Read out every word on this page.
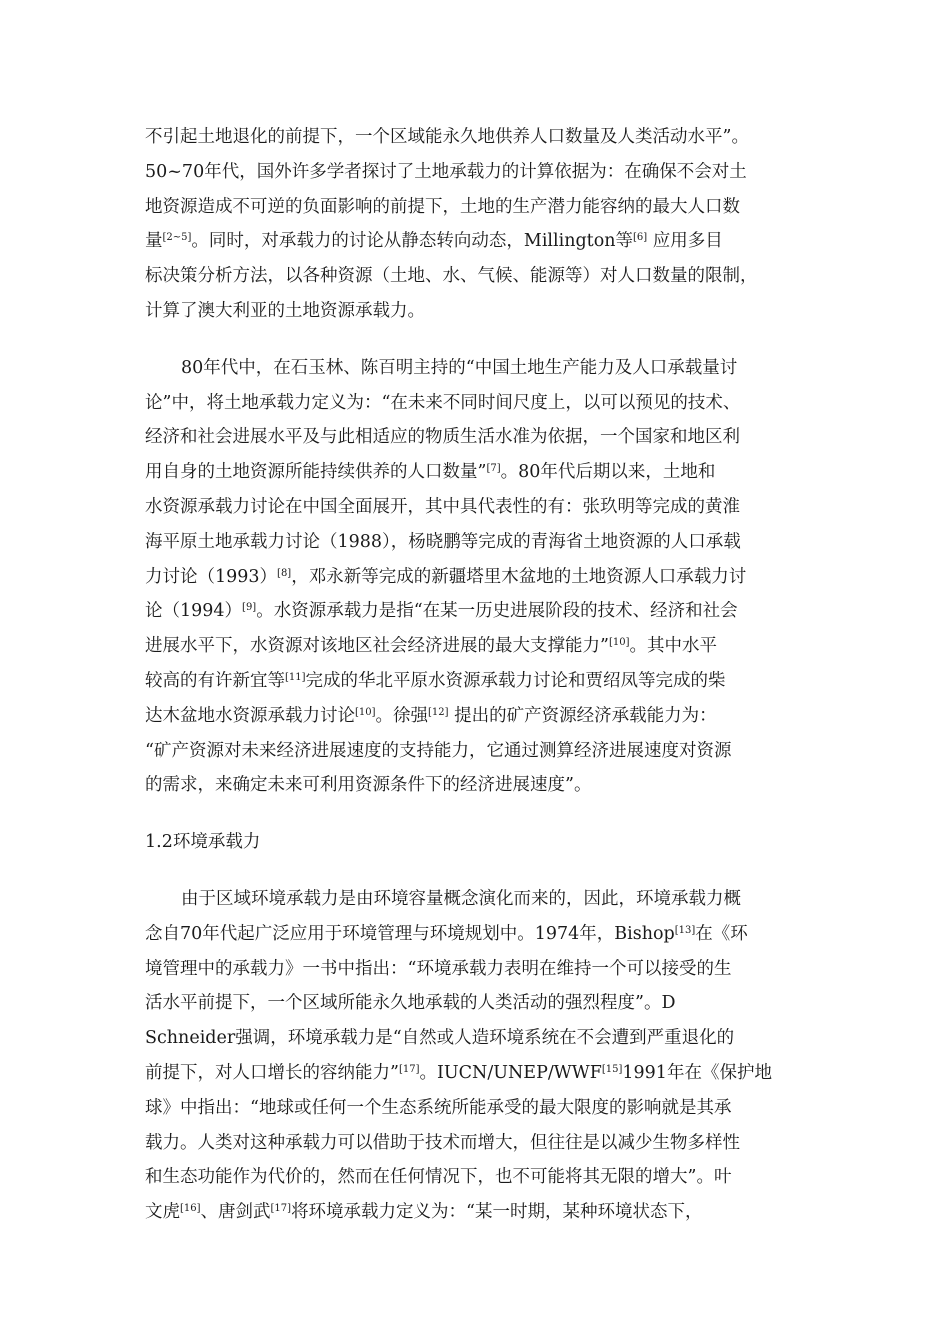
不引起土地退化的前提下，一个区域能永久地供养人口数量及人类活动水平”。
50~70年代，国外许多学者探讨了土地承载力的计算依据为：在确保不会对土
地资源造成不可逆的负面影响的前提下，土地的生产潜力能容纳的最大人口数
量[2~5]。同时，对承载力的讨论从静态转向动态，Millington等[6] 应用多目
标决策分析方法，以各种资源（土地、水、气候、能源等）对人口数量的限制，
计算了澳大利亚的土地资源承载力。
80年代中，在石玉林、陈百明主持的“中国土地生产能力及人口承载量讨
论”中，将土地承载力定义为：“在未来不同时间尺度上，以可以预见的技术、
经济和社会进展水平及与此相适应的物质生活水准为依据，一个国家和地区利
用自身的土地资源所能持续供养的人口数量”[7]。80年代后期以来，土地和
水资源承载力讨论在中国全面展开，其中具代表性的有：张玖明等完成的黄淮
海平原土地承载力讨论（1988），杨晓鹏等完成的青海省土地资源的人口承载
力讨论（1993）[8]，邓永新等完成的新疆塔里木盆地的土地资源人口承载力讨
论（1994）[9]。水资源承载力是指“在某一历史进展阶段的技术、经济和社会
进展水平下，水资源对该地区社会经济进展的最大支撑能力”[10]。其中水平
较高的有许新宜等[11]完成的华北平原水资源承载力讨论和贾绍凤等完成的柴
达木盆地水资源承载力讨论[10]。徐强[12] 提出的矿产资源经济承载能力为：
“矿产资源对未来经济进展速度的支持能力，它通过测算经济进展速度对资源
的需求，来确定未来可利用资源条件下的经济进展速度”。
1.2环境承载力
由于区域环境承载力是由环境容量概念演化而来的，因此，环境承载力概
念自70年代起广泛应用于环境管理与环境规划中。1974年，Bishop[13]在《环
境管理中的承载力》一书中指出：“环境承载力表明在维持一个可以接受的生
活水平前提下，一个区域所能永久地承载的人类活动的强烈程度”。D
Schneider强调，环境承载力是“自然或人造环境系统在不会遭到严重退化的
前提下，对人口增长的容纳能力”[17]。IUCN/UNEP/WWF[15]1991年在《保护地
球》中指出：“地球或任何一个生态系统所能承受的最大限度的影响就是其承
载力。人类对这种承载力可以借助于技术而增大，但往往是以减少生物多样性
和生态功能作为代价的，然而在任何情况下，也不可能将其无限的增大”。叶
文虎[16]、唐剑武[17]将环境承载力定义为：“某一时期，某种环境状态下，
